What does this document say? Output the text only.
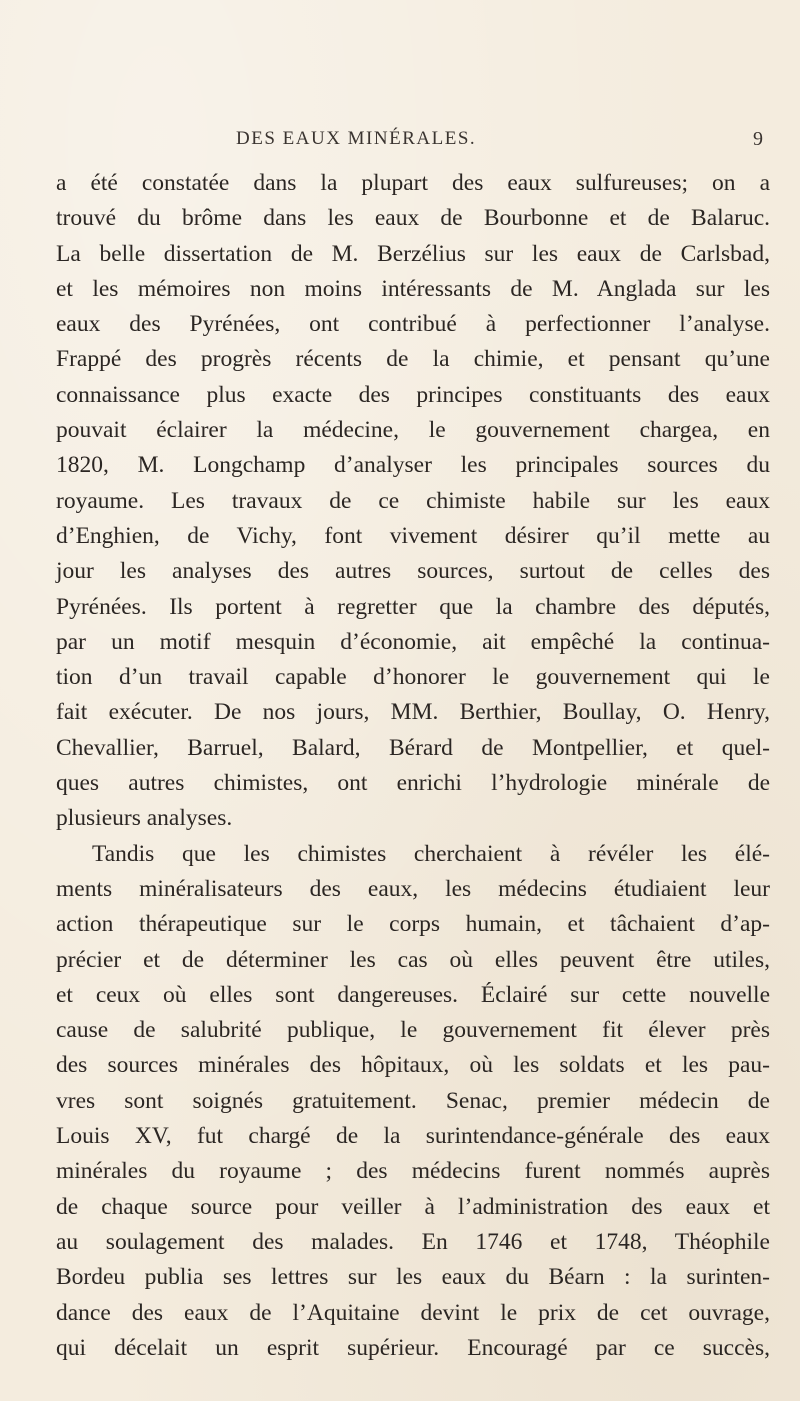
DES EAUX MINÉRALES.	9
a été constatée dans la plupart des eaux sulfureuses; on a
trouvé du brôme dans les eaux de Bourbonne et de Balaruc.
La belle dissertation de M. Berzélius sur les eaux de Carlsbad,
et les mémoires non moins intéressants de M. Anglada sur les
eaux des Pyrénées, ont contribué à perfectionner l’analyse.
Frappé des progrès récents de la chimie, et pensant qu’une
connaissance plus exacte des principes constituants des eaux
pouvait éclairer la médecine, le gouvernement chargea, en
1820, M. Longchamp d’analyser les principales sources du
royaume. Les travaux de ce chimiste habile sur les eaux
d’Enghien, de Vichy, font vivement désirer qu’il mette au
jour les analyses des autres sources, surtout de celles des
Pyrénées. Ils portent à regretter que la chambre des députés,
par un motif mesquin d’économie, ait empêché la continua-
tion d’un travail capable d’honorer le gouvernement qui le
fait exécuter. De nos jours, MM. Berthier, Boullay, O. Henry,
Chevallier, Barruel, Balard, Bérard de Montpellier, et quel-
ques autres chimistes, ont enrichi l’hydrologie minérale de
plusieurs analyses.
Tandis que les chimistes cherchaient à révéler les élé-
ments minéralisateurs des eaux, les médecins étudiaient leur
action thérapeutique sur le corps humain, et tâchaient d’ap-
précier et de déterminer les cas où elles peuvent être utiles,
et ceux où elles sont dangereuses. Éclairé sur cette nouvelle
cause de salubrité publique, le gouvernement fit élever près
des sources minérales des hôpitaux, où les soldats et les pau-
vres sont soignés gratuitement. Senac, premier médecin de
Louis XV, fut chargé de la surintendance-générale des eaux
minérales du royaume ; des médecins furent nommés auprès
de chaque source pour veiller à l’administration des eaux et
au soulagement des malades. En 1746 et 1748, Théophile
Bordeu publia ses lettres sur les eaux du Béarn : la surinten-
dance des eaux de l’Aquitaine devint le prix de cet ouvrage,
qui décelait un esprit supérieur. Encouragé par ce succès,
